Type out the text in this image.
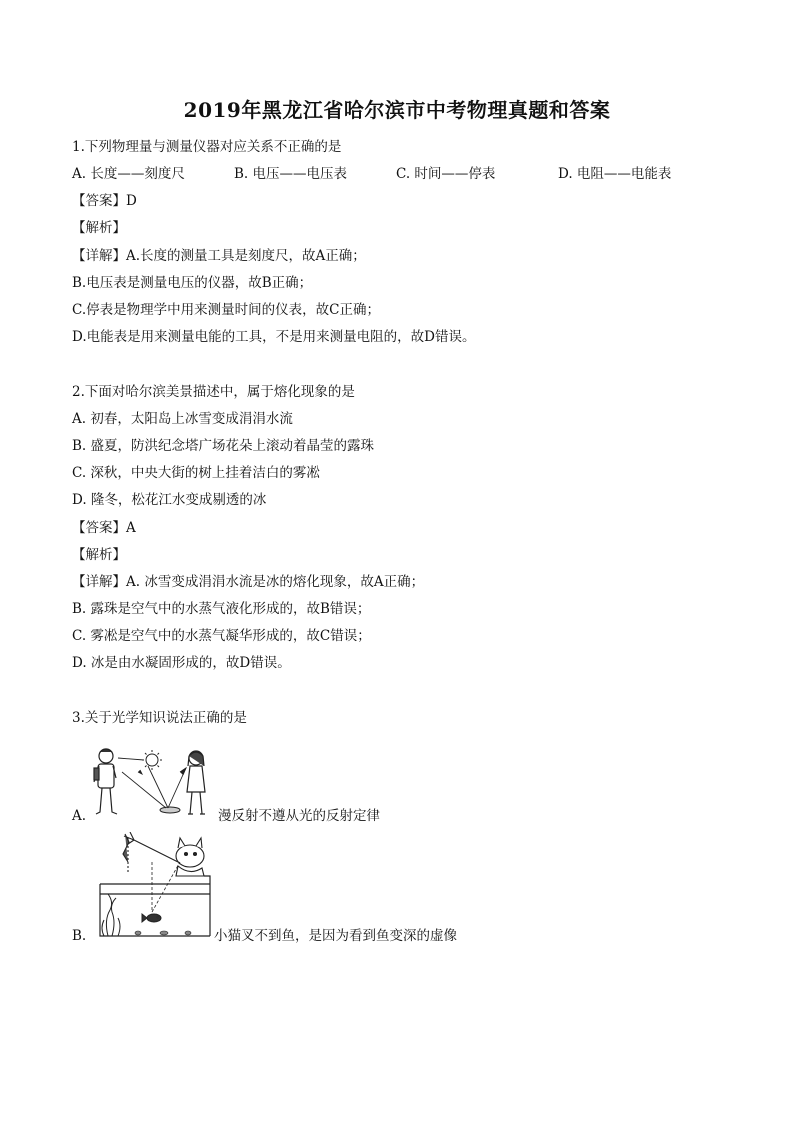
2019年黑龙江省哈尔滨市中考物理真题和答案
1.下列物理量与测量仪器对应关系不正确的是
A. 长度——刻度尺	B. 电压——电压表	C. 时间——停表	D. 电阻——电能表
【答案】D
【解析】
【详解】A.长度的测量工具是刻度尺，故A正确；
B.电压表是测量电压的仪器，故B正确；
C.停表是物理学中用来测量时间的仪表，故C正确；
D.电能表是用来测量电能的工具，不是用来测量电阻的，故D错误。
2.下面对哈尔滨美景描述中，属于熔化现象的是
A. 初春，太阳岛上冰雪变成涓涓水流
B. 盛夏，防洪纪念塔广场花朵上滚动着晶莹的露珠
C. 深秋，中央大街的树上挂着洁白的雾凇
D. 隆冬，松花江水变成剔透的冰
【答案】A
【解析】
【详解】A. 冰雪变成涓涓水流是冰的熔化现象，故A正确；
B. 露珠是空气中的水蒸气液化形成的，故B错误；
C. 雾凇是空气中的水蒸气凝华形成的，故C错误；
D. 冰是由水凝固形成的，故D错误。
3.关于光学知识说法正确的是
A.	漫反射不遵从光的反射定律
B.	小猫叉不到鱼，是因为看到鱼变深的虚像
